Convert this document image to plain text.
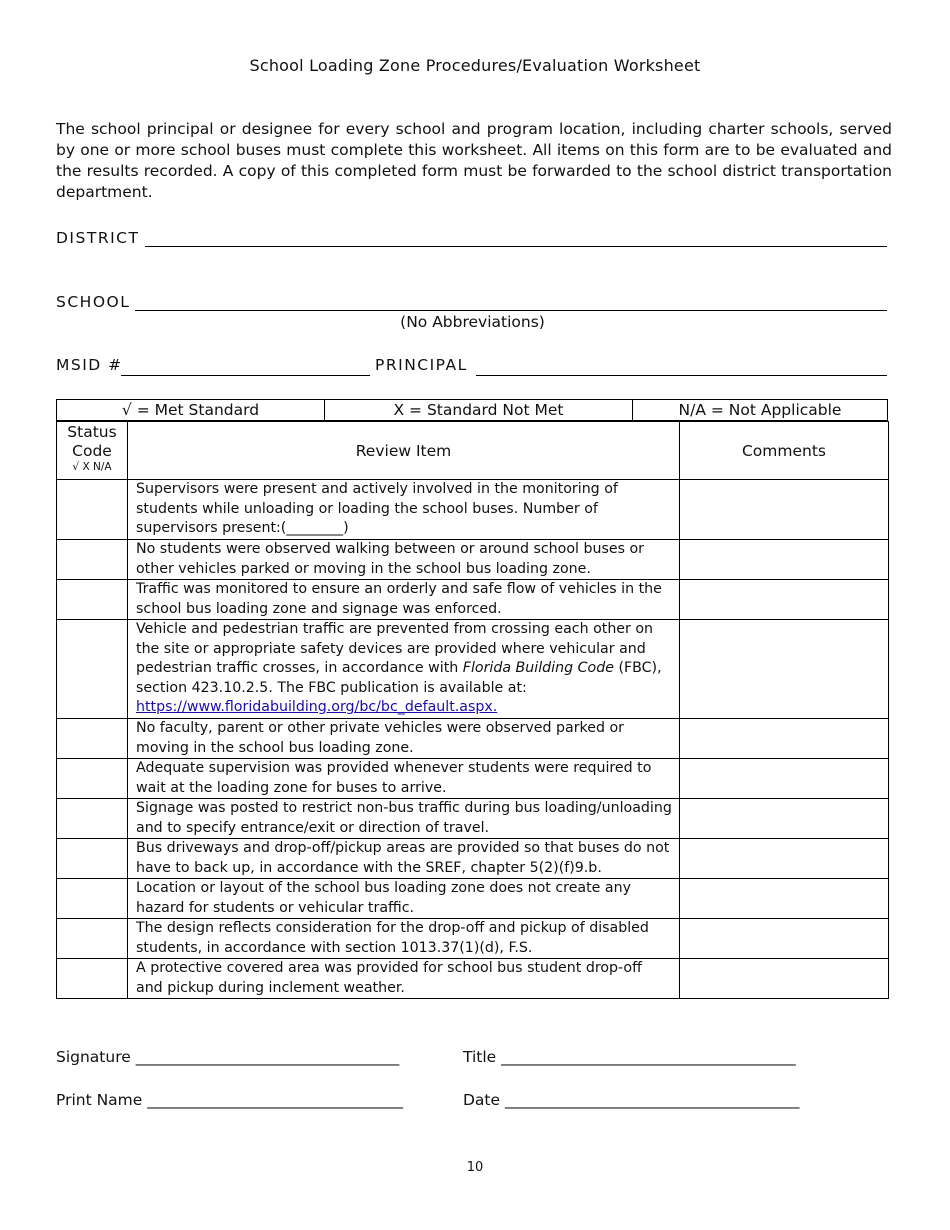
School Loading Zone Procedures/Evaluation Worksheet
The school principal or designee for every school and program location, including charter schools, served by one or more school buses must complete this worksheet. All items on this form are to be evaluated and the results recorded. A copy of this completed form must be forwarded to the school district transportation department.
DISTRICT
SCHOOL
(No Abbreviations)
MSID #	PRINCIPAL
√ = Met Standard	X = Standard Not Met	N/A = Not Applicable
Status
Code
√ X N/A	Review Item	Comments
	Supervisors were present and actively involved in the monitoring of students while unloading or loading the school buses. Number of supervisors present:(________)	
	No students were observed walking between or around school buses or other vehicles parked or moving in the school bus loading zone.	
	Traffic was monitored to ensure an orderly and safe flow of vehicles in the school bus loading zone and signage was enforced.	
	Vehicle and pedestrian traffic are prevented from crossing each other on the site or appropriate safety devices are provided where vehicular and pedestrian traffic crosses, in accordance with Florida Building Code (FBC), section 423.10.2.5. The FBC publication is available at: https://www.floridabuilding.org/bc/bc_default.aspx.	
	No faculty, parent or other private vehicles were observed parked or moving in the school bus loading zone.	
	Adequate supervision was provided whenever students were required to wait at the loading zone for buses to arrive.	
	Signage was posted to restrict non-bus traffic during bus loading/unloading and to specify entrance/exit or direction of travel.	
	Bus driveways and drop-off/pickup areas are provided so that buses do not have to back up, in accordance with the SREF, chapter 5(2)(f)9.b.	
	Location or layout of the school bus loading zone does not create any hazard for students or vehicular traffic.	
	The design reflects consideration for the drop-off and pickup of disabled students, in accordance with section 1013.37(1)(d), F.S.	
	A protective covered area was provided for school bus student drop-off and pickup during inclement weather.	
Signature __________________________________	Title ______________________________________
Print Name _________________________________	Date ______________________________________
10
